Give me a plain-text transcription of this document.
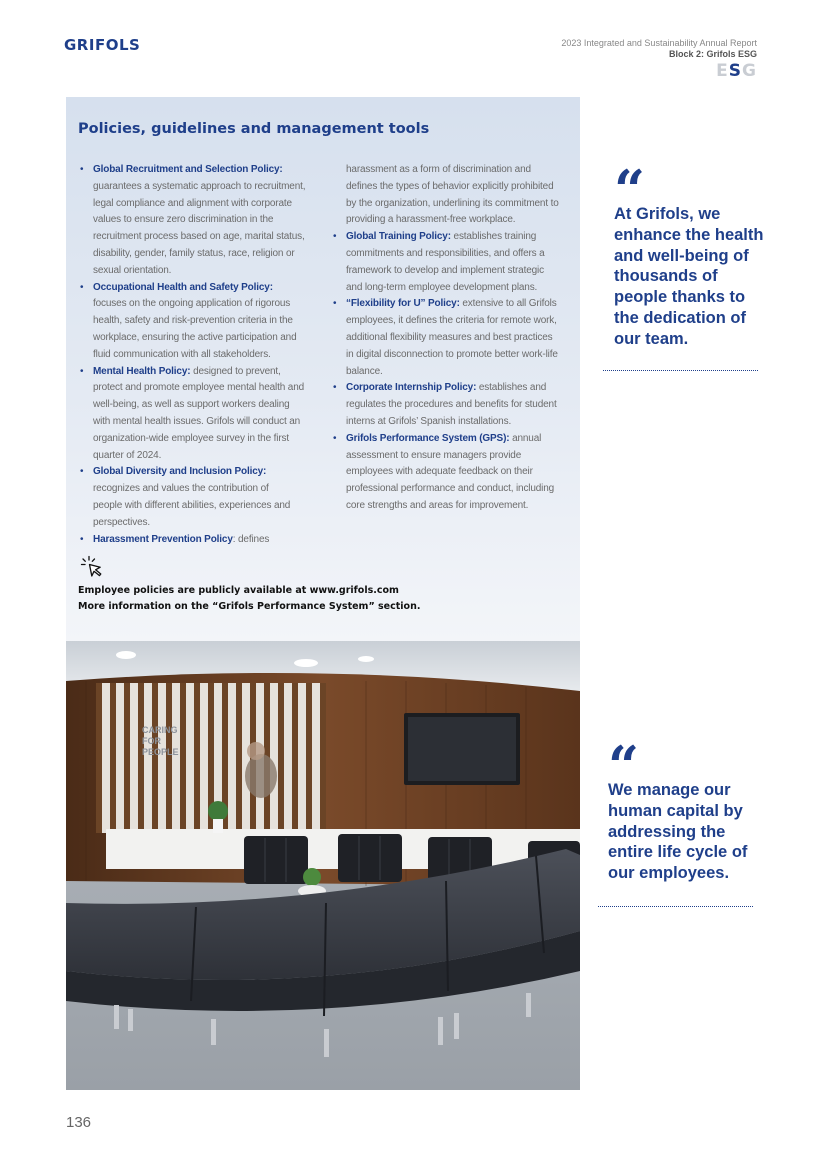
GRIFOLS	2023 Integrated and Sustainability Annual Report
Block 2: Grifols ESG
ESG
Policies, guidelines and management tools

• Global Recruitment and Selection Policy:

guarantees a systematic approach to recruitment,

legal compliance and alignment with corporate

values to ensure zero discrimination in the

recruitment process based on age, marital status,

disability, gender, family status, race, religion or

sexual orientation.

• Occupational Health and Safety Policy:

focuses on the ongoing application of rigorous

health, safety and risk-prevention criteria in the

workplace, ensuring the active participation and

fluid communication with all stakeholders.

• Mental Health Policy: designed to prevent,

protect and promote employee mental health and

well-being, as well as support workers dealing

with mental health issues. Grifols will conduct an

organization-wide employee survey in the first

quarter of 2024.

• Global Diversity and Inclusion Policy:

recognizes and values the contribution of

people with different abilities, experiences and

perspectives.

• Harassment Prevention Policy: defines

harassment as a form of discrimination and

defines the types of behavior explicitly prohibited

by the organization, underlining its commitment to

providing a harassment-free workplace.

• Global Training Policy: establishes training

commitments and responsibilities, and offers a

framework to develop and implement strategic

and long-term employee development plans.

• “Flexibility for U” Policy: extensive to all Grifols

employees, it defines the criteria for remote work,

additional flexibility measures and best practices

in digital disconnection to promote better work-life

balance.

• Corporate Internship Policy: establishes and

regulates the procedures and benefits for student

interns at Grifols’ Spanish installations.

• Grifols Performance System (GPS): annual

assessment to ensure managers provide

employees with adequate feedback on their

professional performance and conduct, including

core strengths and areas for improvement.

Employee policies are publicly available at www.grifols.com
More information on the “Grifols Performance System” section.
“
At Grifols, we enhance the health and well-being of thousands of people thanks to the dedication of our team.
“
We manage our human capital by addressing the entire life cycle of our employees.
CARING
FOR
PEOPLE
136
